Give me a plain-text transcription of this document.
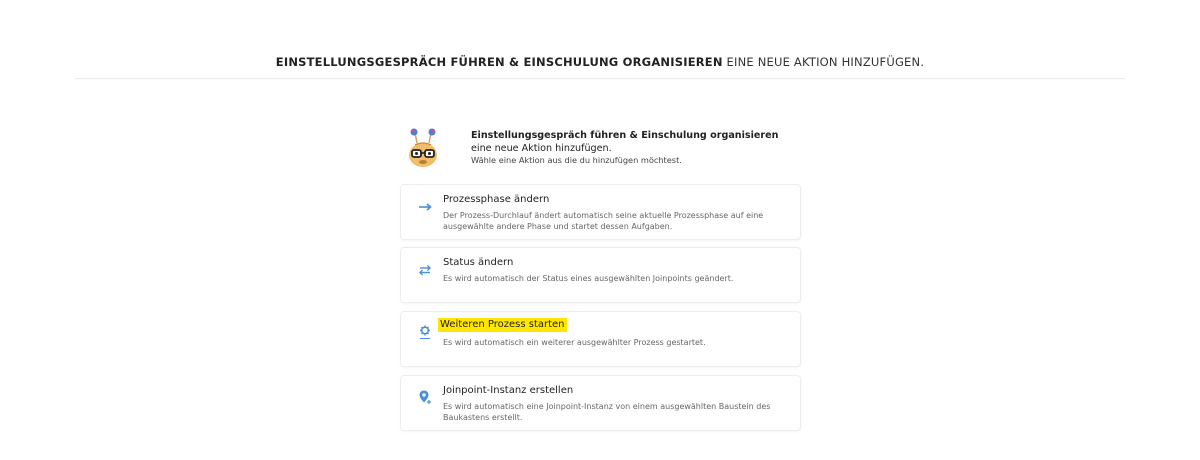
EINSTELLUNGSGESPRÄCH FÜHREN & EINSCHULUNG ORGANISIEREN EINE NEUE AKTION HINZUFÜGEN.
Einstellungsgespräch führen & Einschulung organisieren eine neue Aktion hinzufügen.
Wähle eine Aktion aus die du hinzufügen möchtest.
Prozessphase ändern
Der Prozess-Durchlauf ändert automatisch seine aktuelle Prozessphase auf eine ausgewählte andere Phase und startet dessen Aufgaben.
Status ändern
Es wird automatisch der Status eines ausgewählten Joinpoints geändert.
Weiteren Prozess starten
Es wird automatisch ein weiterer ausgewählter Prozess gestartet.
Joinpoint-Instanz erstellen
Es wird automatisch eine Joinpoint-Instanz von einem ausgewählten Baustein des Baukastens erstellt.
